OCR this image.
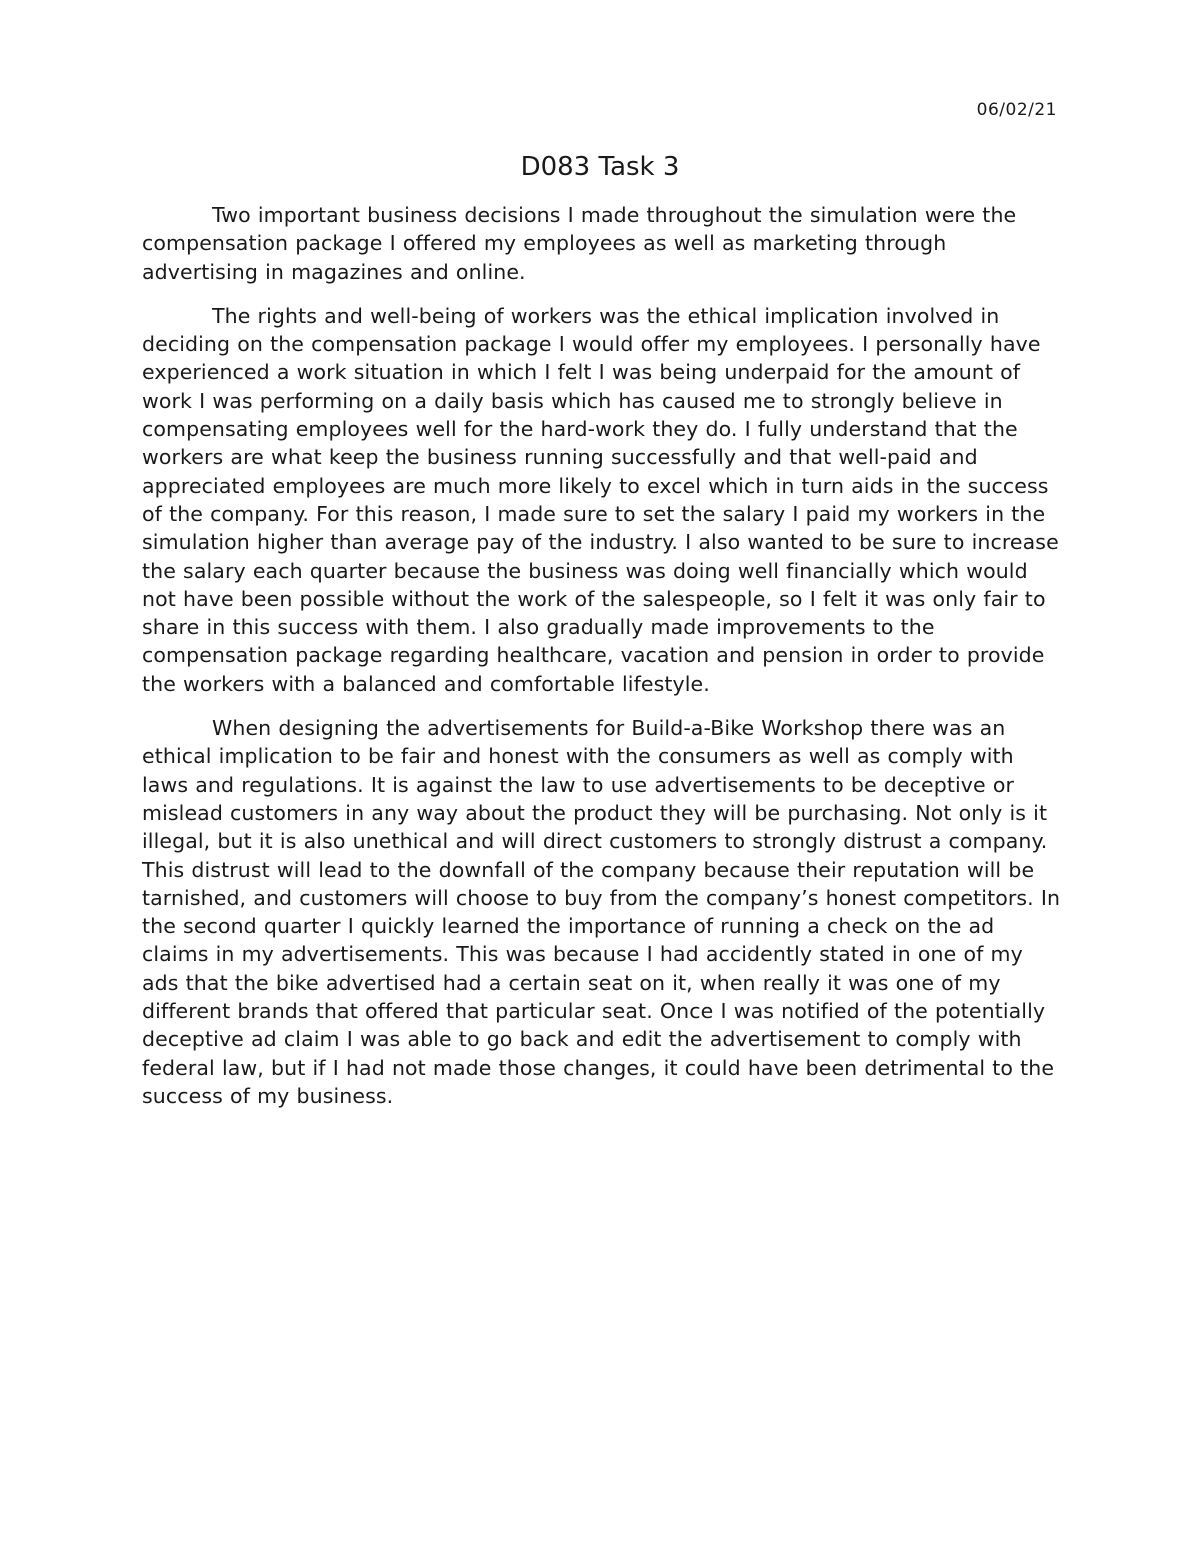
06/02/21
D083 Task 3

Two important business decisions I made throughout the simulation were the compensation package I offered my employees as well as marketing through advertising in magazines and online.

The rights and well-being of workers was the ethical implication involved in deciding on the compensation package I would offer my employees. I personally have experienced a work situation in which I felt I was being underpaid for the amount of work I was performing on a daily basis which has caused me to strongly believe in compensating employees well for the hard-work they do. I fully understand that the workers are what keep the business running successfully and that well-paid and appreciated employees are much more likely to excel which in turn aids in the success of the company. For this reason, I made sure to set the salary I paid my workers in the simulation higher than average pay of the industry. I also wanted to be sure to increase the salary each quarter because the business was doing well financially which would not have been possible without the work of the salespeople, so I felt it was only fair to share in this success with them. I also gradually made improvements to the compensation package regarding healthcare, vacation and pension in order to provide the workers with a balanced and comfortable lifestyle.

When designing the advertisements for Build-a-Bike Workshop there was an ethical implication to be fair and honest with the consumers as well as comply with laws and regulations. It is against the law to use advertisements to be deceptive or mislead customers in any way about the product they will be purchasing. Not only is it illegal, but it is also unethical and will direct customers to strongly distrust a company. This distrust will lead to the downfall of the company because their reputation will be tarnished, and customers will choose to buy from the company’s honest competitors. In the second quarter I quickly learned the importance of running a check on the ad claims in my advertisements. This was because I had accidently stated in one of my ads that the bike advertised had a certain seat on it, when really it was one of my different brands that offered that particular seat. Once I was notified of the potentially deceptive ad claim I was able to go back and edit the advertisement to comply with federal law, but if I had not made those changes, it could have been detrimental to the success of my business.
